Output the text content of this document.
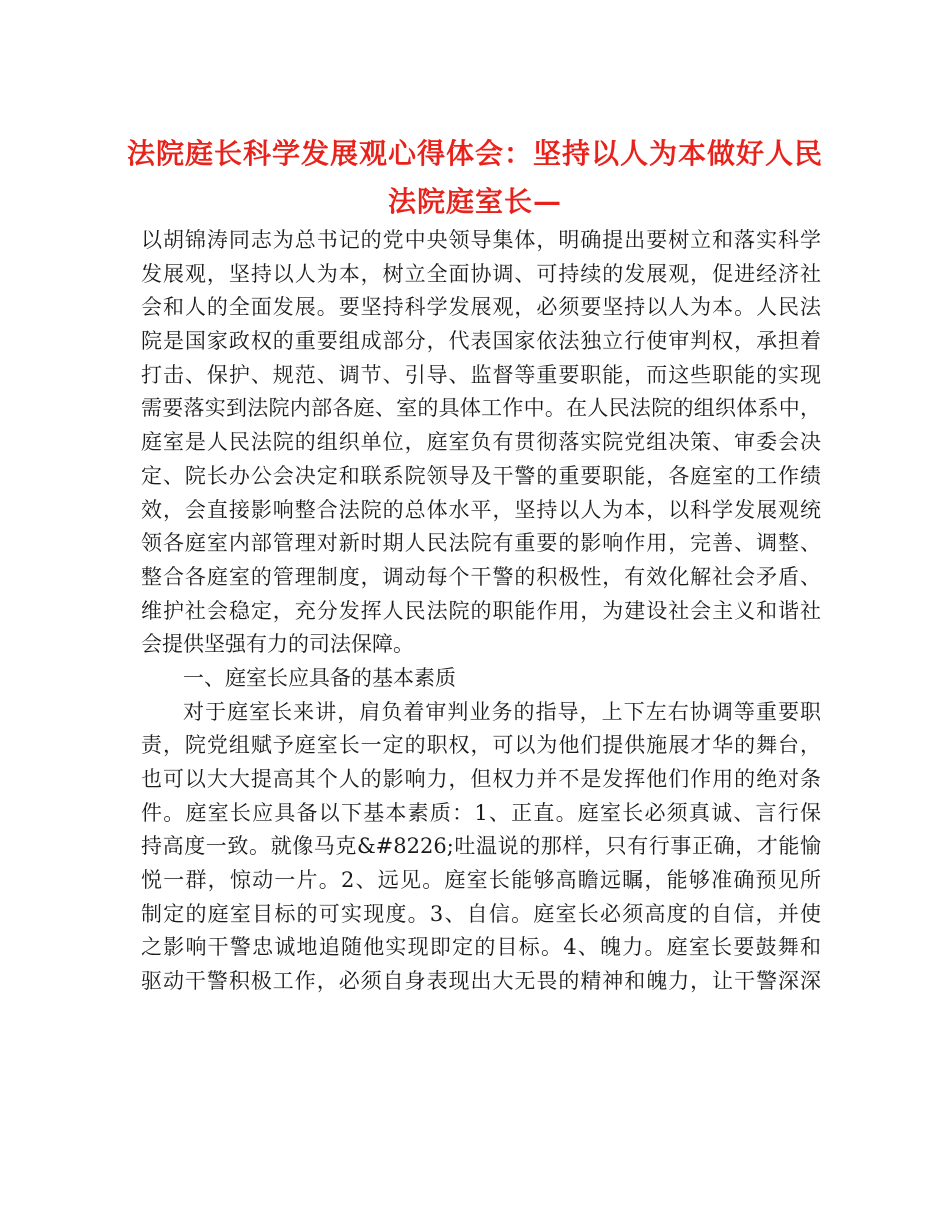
法院庭长科学发展观心得体会：坚持以人为本做好人民
法院庭室长—
以胡锦涛同志为总书记的党中央领导集体，明确提出要树立和落实科学
发展观，坚持以人为本，树立全面协调、可持续的发展观，促进经济社
会和人的全面发展。要坚持科学发展观，必须要坚持以人为本。人民法
院是国家政权的重要组成部分，代表国家依法独立行使审判权，承担着
打击、保护、规范、调节、引导、监督等重要职能，而这些职能的实现
需要落实到法院内部各庭、室的具体工作中。在人民法院的组织体系中，
庭室是人民法院的组织单位，庭室负有贯彻落实院党组决策、审委会决
定、院长办公会决定和联系院领导及干警的重要职能，各庭室的工作绩
效，会直接影响整合法院的总体水平，坚持以人为本，以科学发展观统
领各庭室内部管理对新时期人民法院有重要的影响作用，完善、调整、
整合各庭室的管理制度，调动每个干警的积极性，有效化解社会矛盾、
维护社会稳定，充分发挥人民法院的职能作用，为建设社会主义和谐社
会提供坚强有力的司法保障。
一、庭室长应具备的基本素质
对于庭室长来讲，肩负着审判业务的指导，上下左右协调等重要职
责，院党组赋予庭室长一定的职权，可以为他们提供施展才华的舞台，
也可以大大提高其个人的影响力，但权力并不是发挥他们作用的绝对条
件。庭室长应具备以下基本素质：1、正直。庭室长必须真诚、言行保
持高度一致。就像马克&#8226;吐温说的那样，只有行事正确，才能愉
悦一群，惊动一片。2、远见。庭室长能够高瞻远瞩，能够准确预见所
制定的庭室目标的可实现度。3、自信。庭室长必须高度的自信，并使
之影响干警忠诚地追随他实现即定的目标。4、魄力。庭室长要鼓舞和
驱动干警积极工作，必须自身表现出大无畏的精神和魄力，让干警深深
